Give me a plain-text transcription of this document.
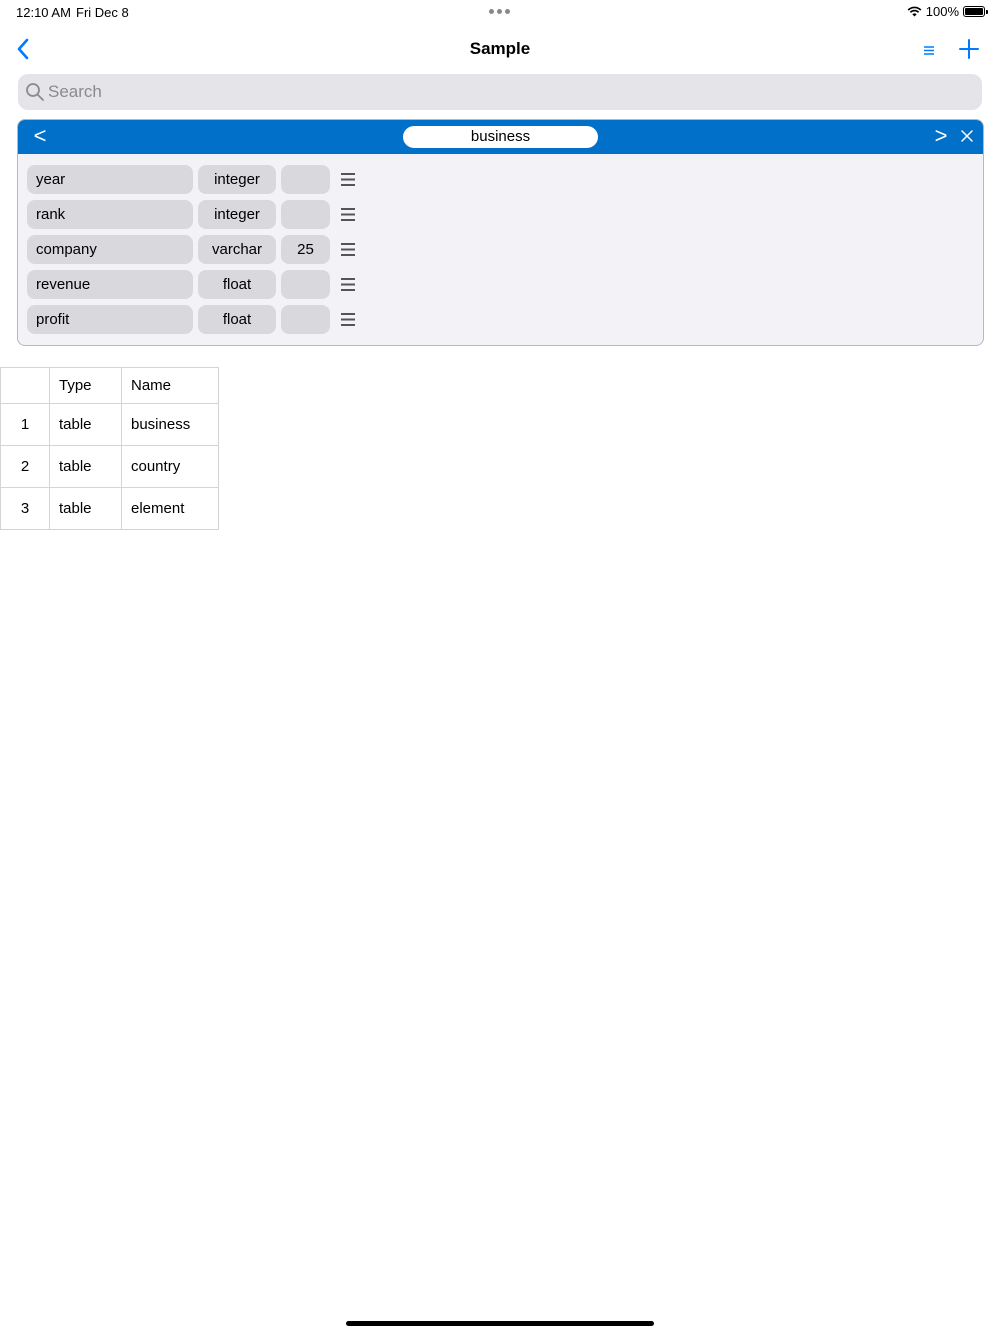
12:10 AM Fri Dec 8	100%
Sample
Search
<	business	>
year	integer
rank	integer
company	varchar	25
revenue	float
profit	float
	Type	Name
1	table	business
2	table	country
3	table	element
